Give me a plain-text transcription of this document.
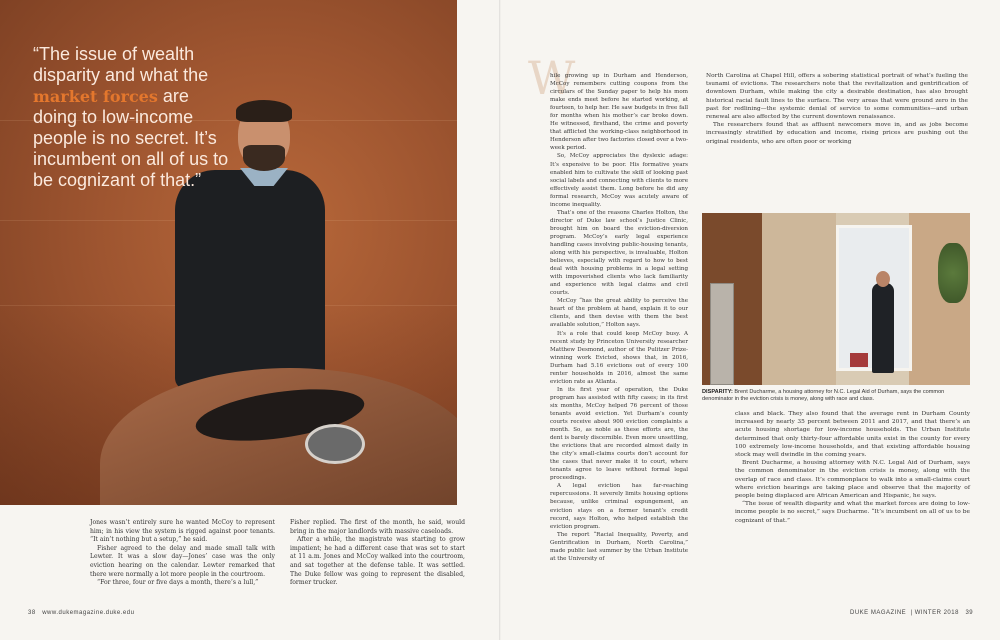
“The issue of wealth disparity and what the market forces are doing to low-income people is no secret. It’s incumbent on all of us to be cognizant of that.”

Jones wasn’t entirely sure he wanted McCoy to represent him; in his view the system is rigged against poor tenants. “It ain’t nothing but a setup,” he said.

Fisher agreed to the delay and made small talk with Lewter. It was a slow day—Jones’ case was the only eviction hearing on the calendar. Lewter remarked that there were normally a lot more people in the courtroom.

“For three, four or five days a month, there’s a lull,”

Fisher replied. The first of the month, he said, would bring in the major landlords with massive caseloads.

After a while, the magistrate was starting to grow impatient; he had a different case that was set to start at 11 a.m. Jones and McCoy walked into the courtroom, and sat together at the defense table. It was settled. The Duke fellow was going to represent the disabled, former trucker.

38 www.dukemagazine.duke.edu
W

hile growing up in Durham and Henderson, McCoy remembers cutting coupons from the circulars of the Sunday paper to help his mom make ends meet before he started working, at fourteen, to help her. He saw budgets in free fall for months when his mother’s car broke down. He witnessed, firsthand, the crime and poverty that afflicted the working-class neighborhood in Henderson after two factories closed over a two-week period.

So, McCoy appreciates the dyslexic adage: It’s expensive to be poor. His formative years enabled him to cultivate the skill of looking past social labels and connecting with clients to more effectively assist them. Long before he did any formal research, McCoy was acutely aware of income inequality.

That’s one of the reasons Charles Holton, the director of Duke law school’s Justice Clinic, brought him on board the eviction-diversion program. McCoy’s early legal experience handling cases involving public-housing tenants, along with his perspective, is invaluable, Holton believes, especially with regard to how to best deal with housing problems in a legal setting with impoverished clients who lack familiarity and experience with legal claims and civil courts.

McCoy “has the great ability to perceive the heart of the problem at hand, explain it to our clients, and then devise with them the best available solution,” Holton says.

It’s a role that could keep McCoy busy. A recent study by Princeton University researcher Matthew Desmond, author of the Pulitzer Prize-winning work Evicted, shows that, in 2016, Durham had 5.16 evictions out of every 100 renter households in 2016, almost the same eviction rate as Atlanta.

In its first year of operation, the Duke program has assisted with fifty cases; in its first six months, McCoy helped 76 percent of those tenants avoid eviction. Yet Durham’s county courts receive about 900 eviction complaints a month. So, as noble as these efforts are, the dent is barely discernible. Even more unsettling, the evictions that are recorded almost daily in the city’s small-claims courts don’t account for the cases that never make it to court, where tenants agree to leave without formal legal proceedings.

A legal eviction has far-reaching repercussions. It severely limits housing options because, unlike criminal expungement, an eviction stays on a former tenant’s credit record, says Holton, who helped establish the eviction program.

The report “Racial Inequality, Poverty, and Gentrification in Durham, North Carolina,” made public last summer by the Urban Institute at the University of

North Carolina at Chapel Hill, offers a sobering statistical portrait of what’s fueling the tsunami of evictions. The researchers note that the revitalization and gentrification of downtown Durham, while making the city a desirable destination, has also brought historical racial fault lines to the surface. The very areas that were ground zero in the past for redlining—the systemic denial of service to some communities—and urban renewal are also affected by the current downtown renaissance.

The researchers found that as affluent newcomers move in, and as jobs become increasingly stratified by education and income, rising prices are pushing out the original residents, who are often poor or working

DISPARITY: Brent Ducharme, a housing attorney for N.C. Legal Aid of Durham, says the common denominator in the eviction crisis is money, along with race and class.

class and black. They also found that the average rent in Durham County increased by nearly 35 percent between 2011 and 2017, and that there’s an acute housing shortage for low-income households. The Urban Institute determined that only thirty-four affordable units exist in the county for every 100 extremely low-income households, and that existing affordable housing stock may well dwindle in the coming years.

Brent Ducharme, a housing attorney with N.C. Legal Aid of Durham, says the common denominator in the eviction crisis is money, along with the overlap of race and class. It’s commonplace to walk into a small-claims court where eviction hearings are taking place and observe that the majority of people being displaced are African American and Hispanic, he says.

“The issue of wealth disparity and what the market forces are doing to low-income people is no secret,” says Ducharme. “It’s incumbent on all of us to be cognizant of that.”

DUKE MAGAZINE  | WINTER 2018 39
